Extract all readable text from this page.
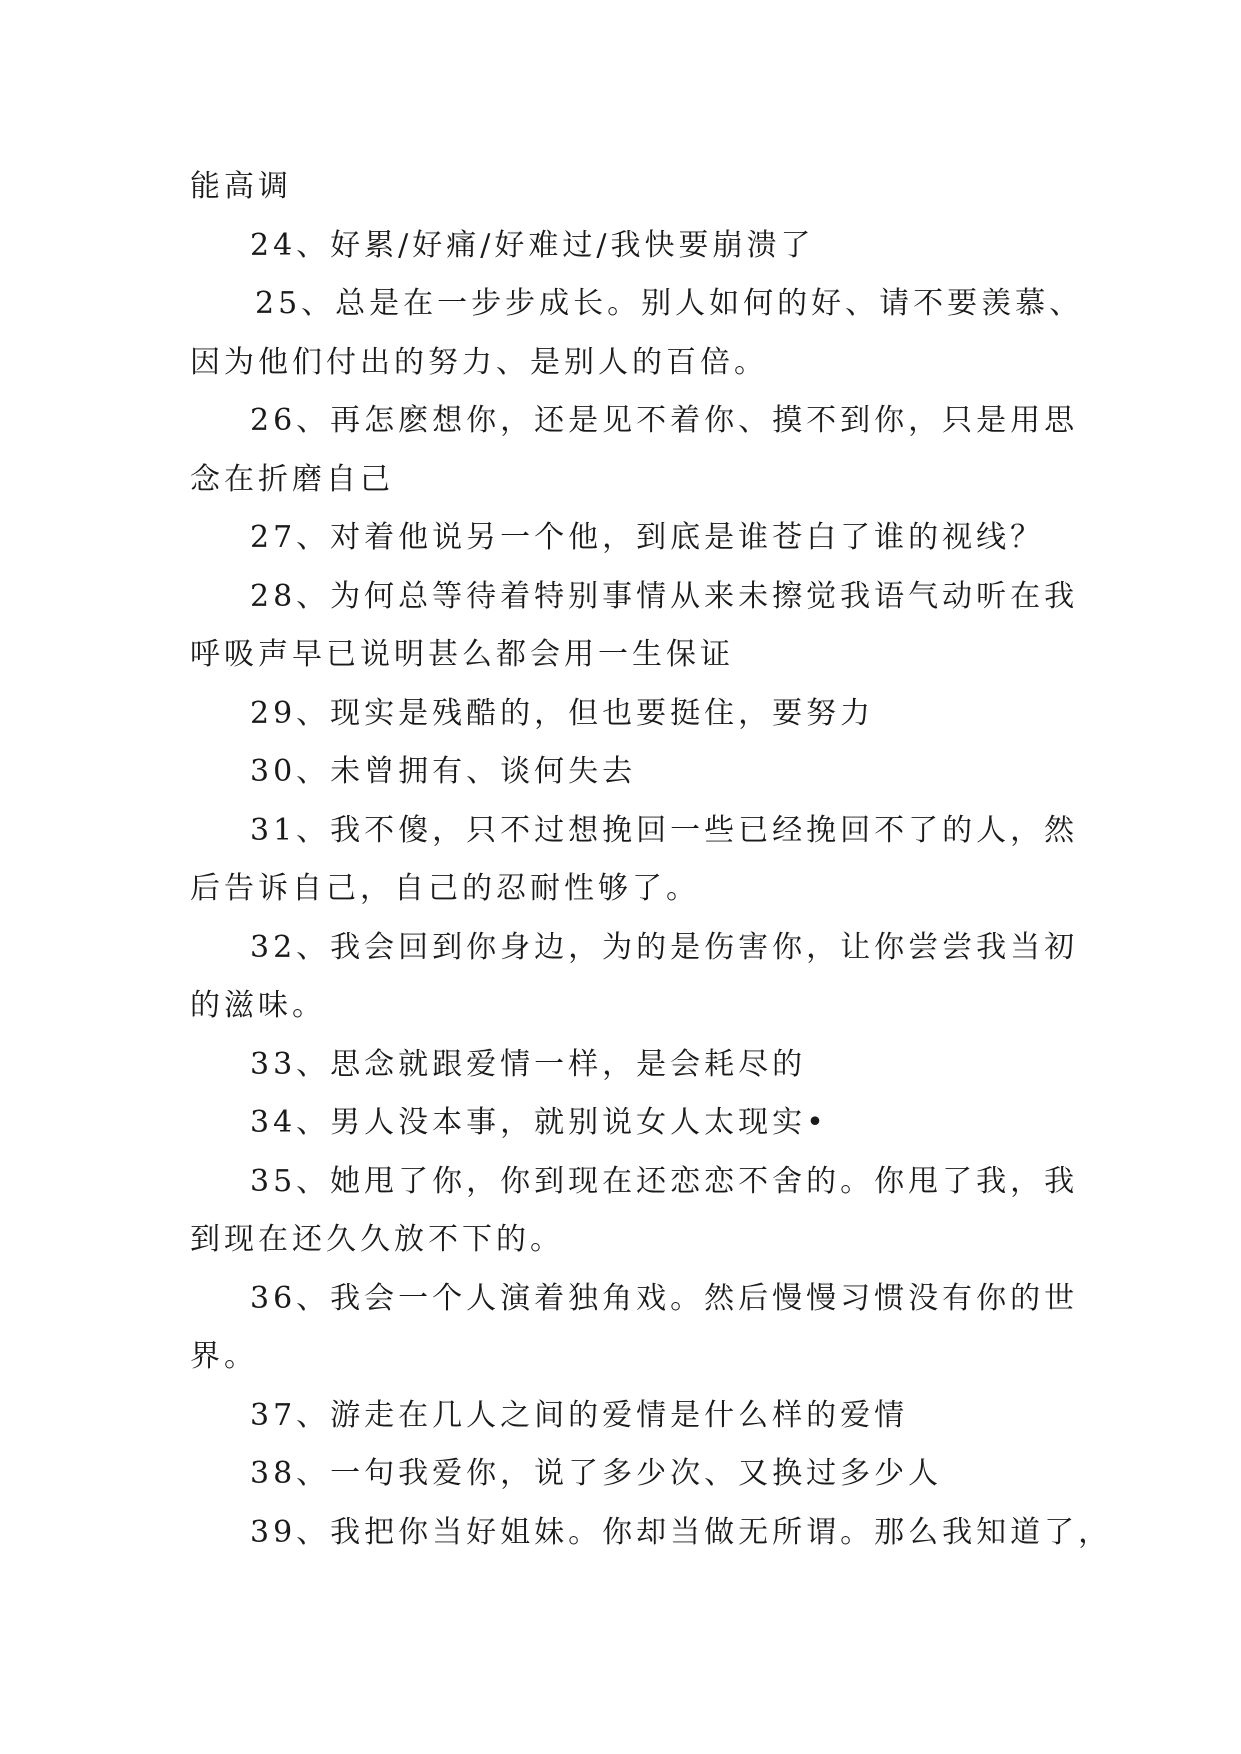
能高调
24、好累/好痛/好难过/我快要崩溃了
25、总是在一步步成长。别人如何的好、请不要羡慕、
因为他们付出的努力、是别人的百倍。
26、再怎麽想你，还是见不着你、摸不到你，只是用思
念在折磨自己
27、对着他说另一个他，到底是谁苍白了谁的视线？
28、为何总等待着特别事情从来未擦觉我语气动听在我
呼吸声早已说明甚么都会用一生保证
29、现实是残酷的，但也要挺住，要努力
30、未曾拥有、谈何失去
31、我不傻，只不过想挽回一些已经挽回不了的人，然
后告诉自己，自己的忍耐性够了。
32、我会回到你身边，为的是伤害你，让你尝尝我当初
的滋味。
33、思念就跟爱情一样，是会耗尽的
34、男人没本事，就别说女人太现实•
35、她甩了你，你到现在还恋恋不舍的。你甩了我，我
到现在还久久放不下的。
36、我会一个人演着独角戏。然后慢慢习惯没有你的世
界。
37、游走在几人之间的爱情是什么样的爱情
38、一句我爱你，说了多少次、又换过多少人
39、我把你当好姐妹。你却当做无所谓。那么我知道了，
